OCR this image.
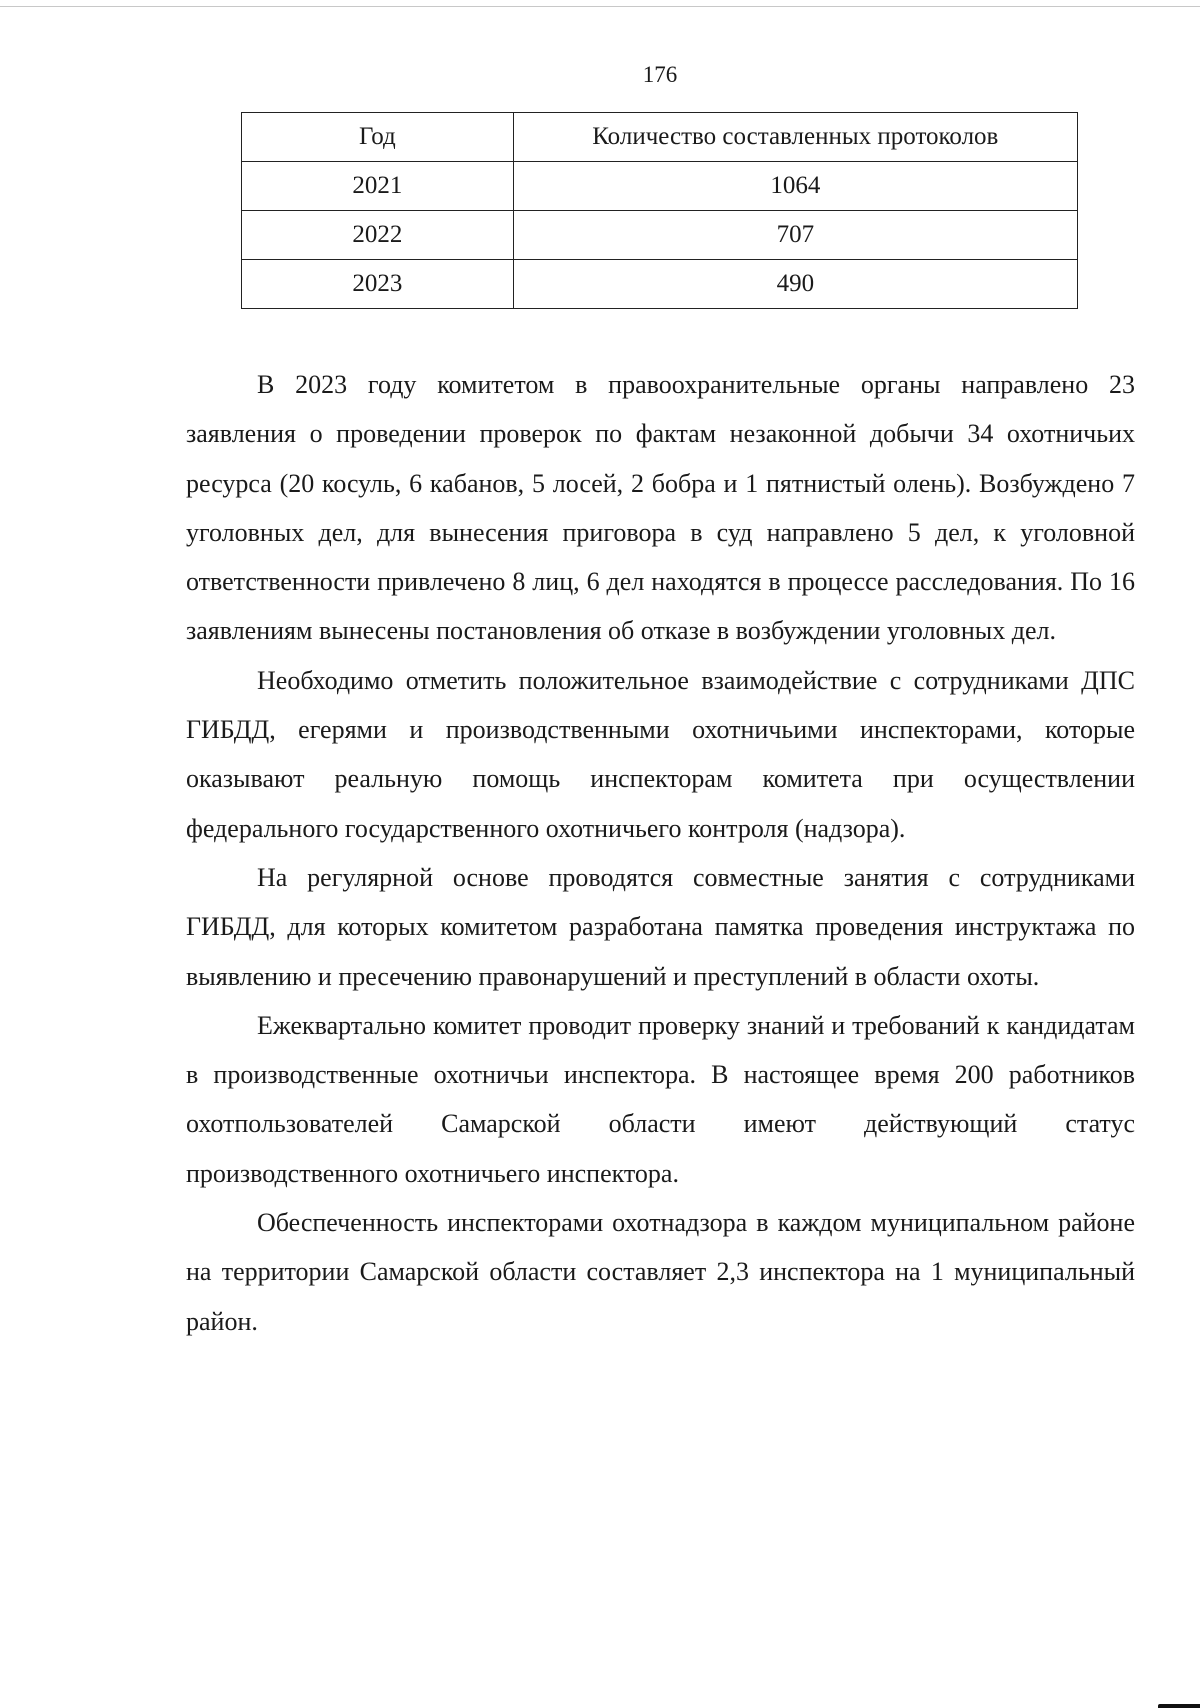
176
Год	Количество составленных протоколов
2021	1064
2022	707
2023	490

В 2023 году комитетом в правоохранительные органы направлено 23 заявления о проведении проверок по фактам незаконной добычи 34 охотничьих ресурса (20 косуль, 6 кабанов, 5 лосей, 2 бобра и 1 пятнистый олень). Возбуждено 7 уголовных дел, для вынесения приговора в суд направлено 5 дел, к уголовной ответственности привлечено 8 лиц, 6 дел находятся в процессе расследования. По 16 заявлениям вынесены постановления об отказе в возбуждении уголовных дел.

Необходимо отметить положительное взаимодействие с сотрудниками ДПС ГИБДД, егерями и производственными охотничьими инспекторами, которые оказывают реальную помощь инспекторам комитета при осуществлении федерального государственного охотничьего контроля (надзора).

На регулярной основе проводятся совместные занятия с сотрудниками ГИБДД, для которых комитетом разработана памятка проведения инструктажа по выявлению и пресечению правонарушений и преступлений в области охоты.

Ежеквартально комитет проводит проверку знаний и требований к кандидатам в производственные охотничьи инспектора. В настоящее время 200 работников охотпользователей Самарской области имеют действующий статус производственного охотничьего инспектора.

Обеспеченность инспекторами охотнадзора в каждом муниципальном районе на территории Самарской области составляет 2,3 инспектора на 1 муниципальный район.
